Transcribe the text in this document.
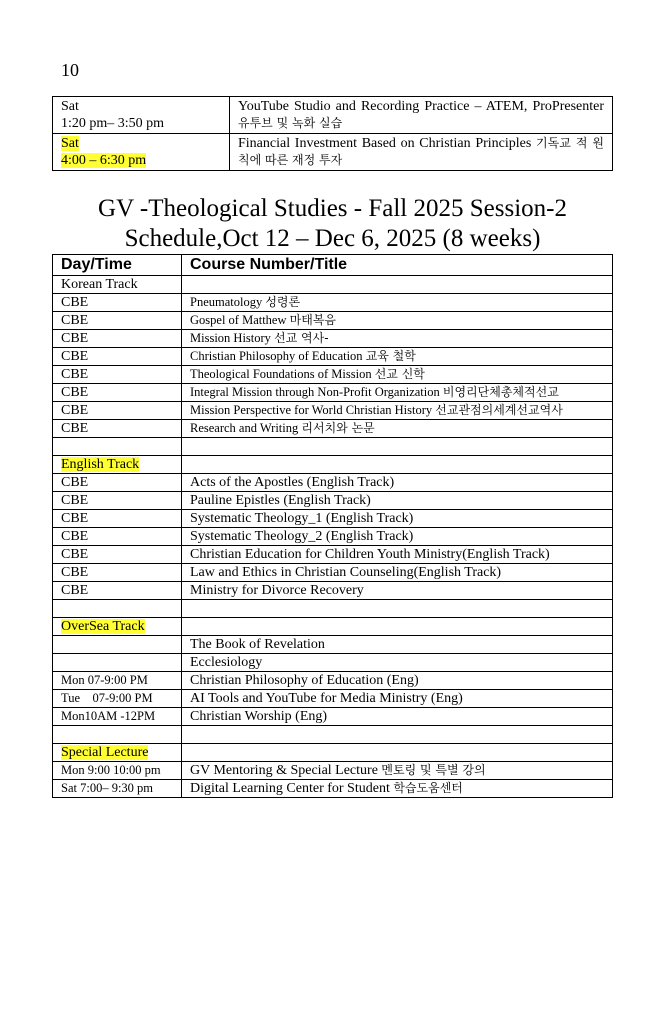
10
Sat
1:20 pm– 3:50 pm	YouTube Studio and Recording Practice – ATEM, ProPresenter 유투브 및 녹화 실습

Sat
4:00 – 6:30 pm	Financial Investment Based on Christian Principles 기독교 적 원칙에 따른 재정 투자
GV -Theological Studies - Fall 2025 Session-2
Schedule,Oct 12 – Dec 6, 2025 (8 weeks)
Day/Time	Course Number/Title
Korean Track	
CBE	Pneumatology 성령론
CBE	Gospel of Matthew 마태복음
CBE	Mission History 선교 역사-
CBE	Christian Philosophy of Education 교육 철학
CBE	Theological Foundations of Mission 선교 신학
CBE	Integral Mission through Non-Profit Organization 비영리단체총체적선교
CBE	Mission Perspective for World Christian History 선교관점의세계선교역사
CBE	Research and Writing 리서치와 논문

English Track	
CBE	Acts of the Apostles (English Track)
CBE	Pauline Epistles (English Track)
CBE	Systematic Theology_1 (English Track)
CBE	Systematic Theology_2 (English Track)
CBE	Christian Education for Children Youth Ministry(English Track)
CBE	Law and Ethics in Christian Counseling(English Track)
CBE	Ministry for Divorce Recovery

OverSea Track	
	The Book of Revelation
	Ecclesiology
Mon 07-9:00 PM	Christian Philosophy of Education (Eng)
Tue    07-9:00 PM	AI Tools and YouTube for Media Ministry (Eng)
Mon10AM -12PM	Christian Worship (Eng)

Special Lecture	
Mon 9:00 10:00 pm	GV Mentoring & Special Lecture 멘토링 및 특별 강의
Sat 7:00– 9:30 pm	Digital Learning Center for Student 학습도움센터
